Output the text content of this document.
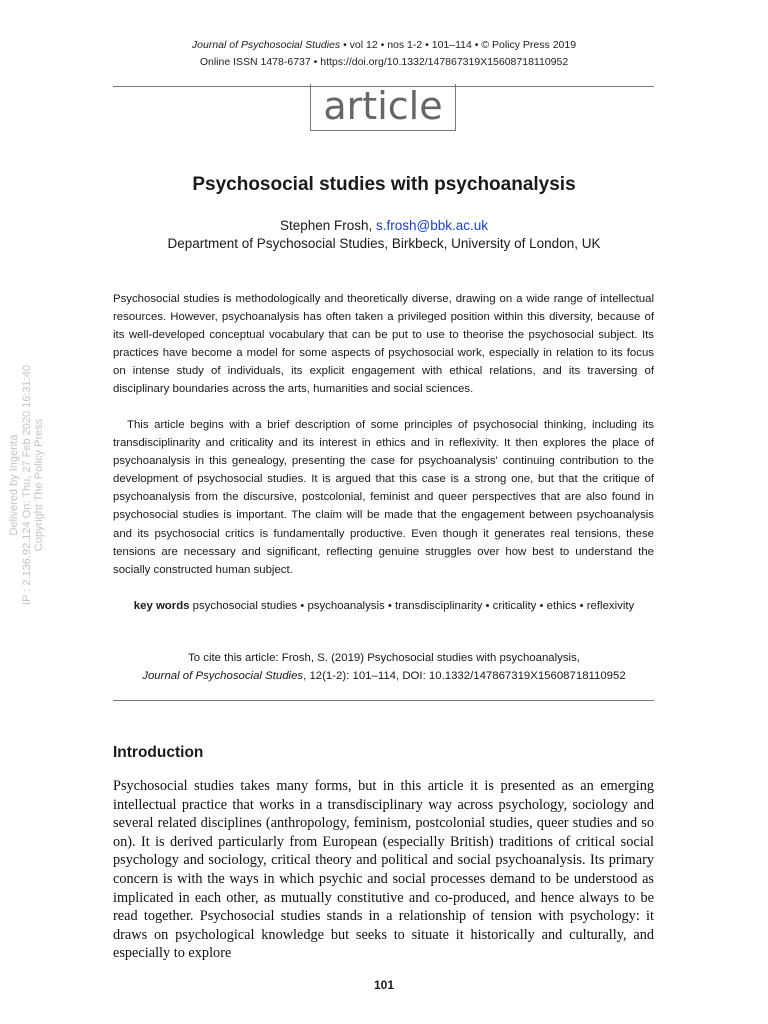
Journal of Psychosocial Studies • vol 12 • nos 1-2 • 101–114 • © Policy Press 2019
Online ISSN 1478-6737 • https://doi.org/10.1332/147867319X15608718110952
article
Psychosocial studies with psychoanalysis
Stephen Frosh, s.frosh@bbk.ac.uk
Department of Psychosocial Studies, Birkbeck, University of London, UK

Psychosocial studies is methodologically and theoretically diverse, drawing on a wide range of intellectual resources. However, psychoanalysis has often taken a privileged position within this diversity, because of its well-developed conceptual vocabulary that can be put to use to theorise the psychosocial subject. Its practices have become a model for some aspects of psychosocial work, especially in relation to its focus on intense study of individuals, its explicit engagement with ethical relations, and its traversing of disciplinary boundaries across the arts, humanities and social sciences.

This article begins with a brief description of some principles of psychosocial thinking, including its transdisciplinarity and criticality and its interest in ethics and in reflexivity. It then explores the place of psychoanalysis in this genealogy, presenting the case for psychoanalysis' continuing contribution to the development of psychosocial studies. It is argued that this case is a strong one, but that the critique of psychoanalysis from the discursive, postcolonial, feminist and queer perspectives that are also found in psychosocial studies is important. The claim will be made that the engagement between psychoanalysis and its psychosocial critics is fundamentally productive. Even though it generates real tensions, these tensions are necessary and significant, reflecting genuine struggles over how best to understand the socially constructed human subject.

key words psychosocial studies • psychoanalysis • transdisciplinarity • criticality • ethics • reflexivity
To cite this article: Frosh, S. (2019) Psychosocial studies with psychoanalysis,
Journal of Psychosocial Studies, 12(1-2): 101–114, DOI: 10.1332/147867319X15608718110952
Introduction

Psychosocial studies takes many forms, but in this article it is presented as an emerging intellectual practice that works in a transdisciplinary way across psychology, sociology and several related disciplines (anthropology, feminism, postcolonial studies, queer studies and so on). It is derived particularly from European (especially British) traditions of critical social psychology and sociology, critical theory and political and social psychoanalysis. Its primary concern is with the ways in which psychic and social processes demand to be understood as implicated in each other, as mutually constitutive and co-produced, and hence always to be read together. Psychosocial studies stands in a relationship of tension with psychology: it draws on psychological knowledge but seeks to situate it historically and culturally, and especially to explore

101
Delivered by Ingenta IP : 2.136.92.124 On: Thu, 27 Feb 2020 16:31:40 Copyright The Policy Press
